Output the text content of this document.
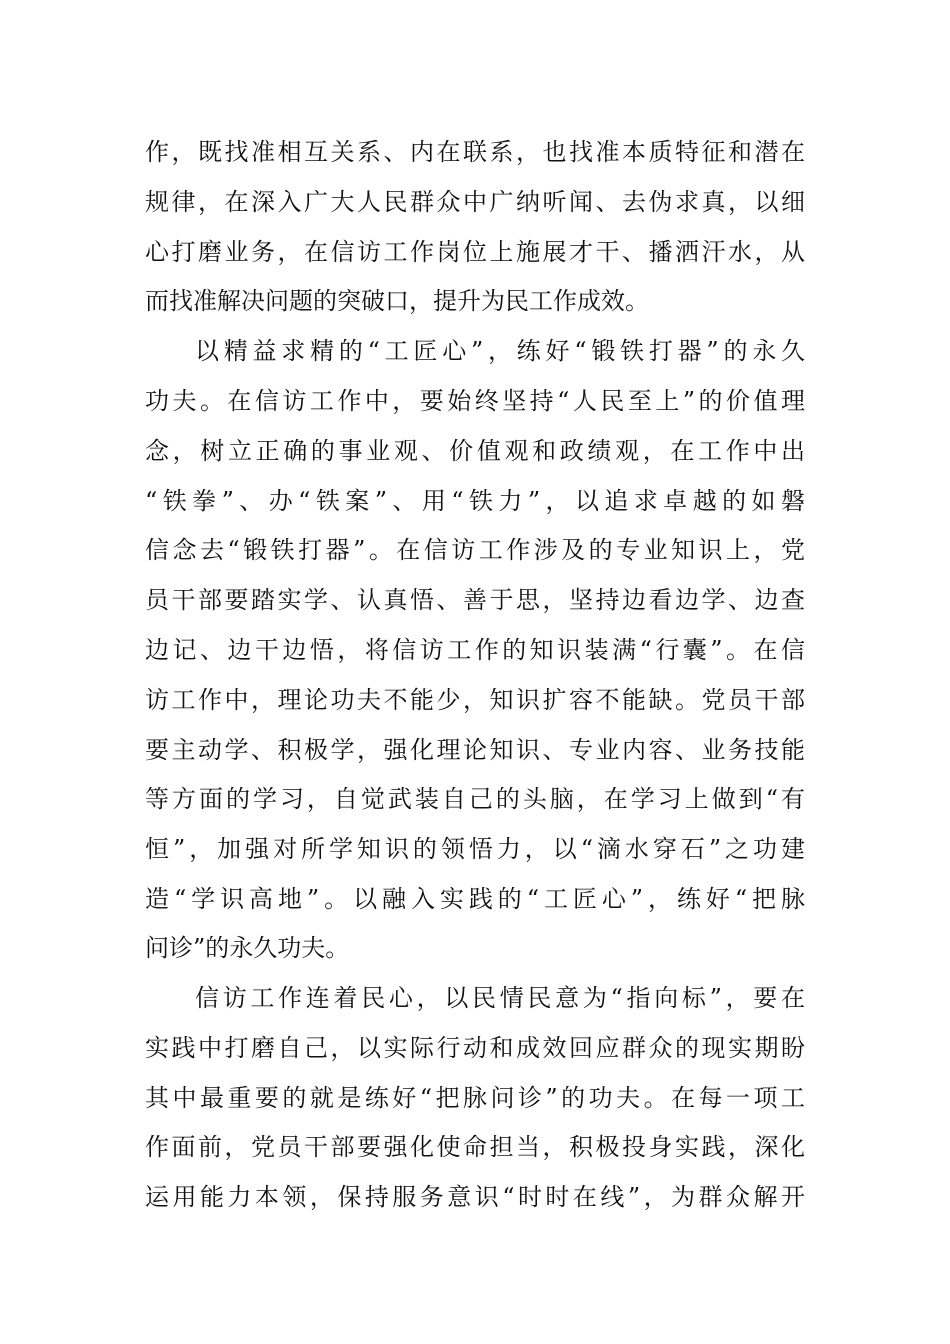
作，既找准相互关系、内在联系，也找准本质特征和潜在
规律，在深入广大人民群众中广纳听闻、去伪求真，以细
心打磨业务，在信访工作岗位上施展才干、播洒汗水，从
而找准解决问题的突破口，提升为民工作成效。
以精益求精的“工匠心”，练好“锻铁打器”的永久
功夫。在信访工作中，要始终坚持“人民至上”的价值理
念，树立正确的事业观、价值观和政绩观，在工作中出
“铁拳”、办“铁案”、用“铁力”，以追求卓越的如磐
信念去“锻铁打器”。在信访工作涉及的专业知识上，党
员干部要踏实学、认真悟、善于思，坚持边看边学、边查
边记、边干边悟，将信访工作的知识装满“行囊”。在信
访工作中，理论功夫不能少，知识扩容不能缺。党员干部
要主动学、积极学，强化理论知识、专业内容、业务技能
等方面的学习，自觉武装自己的头脑，在学习上做到“有
恒”，加强对所学知识的领悟力，以“滴水穿石”之功建
造“学识高地”。以融入实践的“工匠心”，练好“把脉
问诊”的永久功夫。
信访工作连着民心，以民情民意为“指向标”，要在
实践中打磨自己，以实际行动和成效回应群众的现实期盼
其中最重要的就是练好“把脉问诊”的功夫。在每一项工
作面前，党员干部要强化使命担当，积极投身实践，深化
运用能力本领，保持服务意识“时时在线”，为群众解开
